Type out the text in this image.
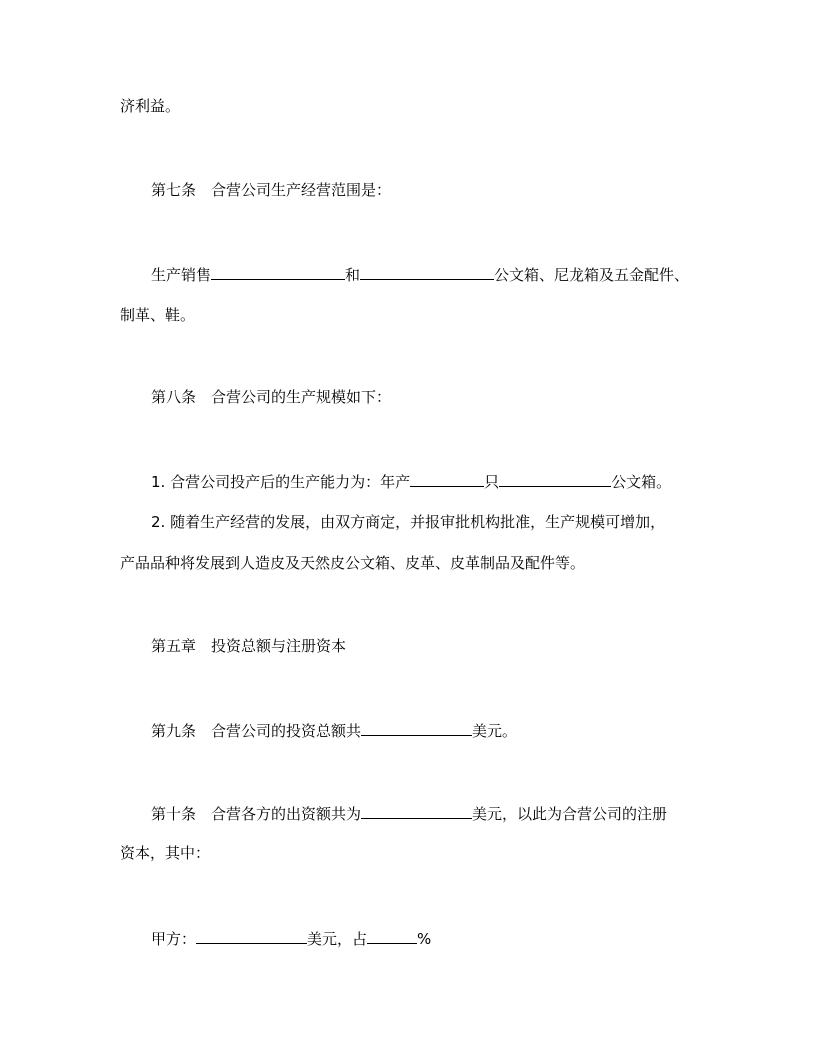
济利益。
第七条　合营公司生产经营范围是：
生产销售	和	公文箱、尼龙箱及五金配件、
制革、鞋。
第八条　合营公司的生产规模如下：
1. 合营公司投产后的生产能力为：年产	只	公文箱。
2. 随着生产经营的发展，由双方商定，并报审批机构批准，生产规模可增加，
产品品种将发展到人造皮及天然皮公文箱、皮革、皮革制品及配件等。
第五章　投资总额与注册资本
第九条　合营公司的投资总额共	美元。
第十条　合营各方的出资额共为	美元，以此为合营公司的注册
资本，其中：
甲方：	美元，占	%
